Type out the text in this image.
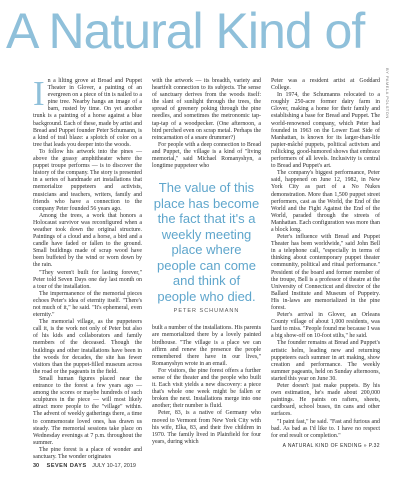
A Natural Kind of
BY PAMELA POLSTON
I n a lilting grove at Broad and Puppet Theater in Glover, a painting of an evergreen on a piece of tin is nailed to a pine tree. Nearby hangs an image of a barn, rusted by time. On yet another trunk is a painting of a horse against a blue background. Each of these, made by artist and Bread and Puppet founder Peter Schumann, is a kind of trail blaze: a splotch of color on a tree that leads you deeper into the woods.

To follow his artwork into the pines — above the grassy amphitheater where the puppet troupe performs — is to discover the history of the company. The story is presented in a series of handmade art installations that memorialize puppeteers and activists, musicians and teachers, writers, family and friends who have a connection to the company Peter founded 56 years ago.

Among the trees, a work that honors a Holocaust survivor was reconfigured when a weather took down the original structure. Paintings of a cloud and a horse, a bird and a candle have faded or fallen to the ground. Small buildings made of scrap wood have been buffeted by the wind or worn down by the rain.

"They weren't built for lasting forever," Peter told Seven Days one day last month on a tour of the installation.

The impermanence of the memorial pieces echoes Peter's idea of eternity itself. "There's not much of it," he said. "It's ephemeral, even eternity."

The memorial village, as the puppeteers call it, is the work not only of Peter but also of his kids and collaborators and family members of the deceased. Though the buildings and other installations have been in the woods for decades, the site has fewer visitors than the puppet-filled museum across the road or the pageants in the field.

Small human figures placed near the entrance to the forest a few years ago — among the scores or maybe hundreds of such sculptures in the piece — will most likely attract more people to the "village" within. The advent of weekly gatherings there, a time to commemorate loved ones, has drawn us steady. The memorial sessions take place on Wednesday evenings at 7 p.m. throughout the summer.

The pine forest is a place of wonder and sanctuary. The wonder originates

with the artwork — its breadth, variety and heartfelt connection to its subjects. The sense of sanctuary derives from the woods itself: the slant of sunlight through the trees, the spread of greenery poking through the pine needles, and sometimes the metronomic tap-tap-tap of a woodpecker. (One afternoon, a bird perched even on scrap metal. Perhaps the reincarnation of a snare drummer?)

For people with a deep connection to Bread and Puppet, the village is a kind of "living memorial," said Michael Romanyshyn, a longtime puppeteer who

The value of this place has become the fact that it's a weekly meeting place where people can come and think of people who died.
PETER SCHUMANN

built a number of the installations. His parents are memorialized there by a lovely painted birdhouse. "The village is a place we can affirm and renew the presence the people remembered there have in our lives," Romanyshyn wrote in an email.

For visitors, the pine forest offers a further sense of the theater and the people who built it. Each visit yields a new discovery: a piece that's whole one week might be fallen or broken the next. Installations merge into one another; their number is fluid.

Peter, 83, is a native of Germany who moved to Vermont from New York City with his wife, Elka, 83, and their five children in 1970. The family lived in Plainfield for four years, during which

Peter was a resident artist at Goddard College.

In 1974, the Schumanns relocated to a roughly 250-acre former dairy farm in Glover, making a home for their family and establishing a base for Bread and Puppet. The world-renowned company, which Peter had founded in 1963 on the Lower East Side of Manhattan, is known for its larger-than-life papier-mâché puppets, political activism and rollicking, good-humored shows that embrace performers of all levels. Inclusivity is central to Bread and Puppet's art.

The company's biggest performance, Peter said, happened on June 12, 1982, in New York City as part of a No Nukes demonstration. More than 1,500 puppet street performers, cast as the World, the End of the World and the Fight Against the End of the World, paraded through the streets of Manhattan. Each configuration was more than a block long.

Peter's influence with Bread and Puppet Theater has been worldwide," said John Bell in a telephone call, "especially in terms of thinking about contemporary puppet theater community, political and ritual performance." President of the board and former member of the troupe, Bell is a professor of theatre at the University of Connecticut and director of the Ballard Institute and Museum of Puppetry. His in-laws are memorialized in the pine forest.

Peter's arrival in Glover, an Orleans County village of about 1,000 residents, was hard to miss. "People found me because I was a big show-off on 10-foot stilts," he said.

The founder remains at Bread and Puppet's artistic helm, leading new and returning puppeteers each summer in art making, show creation and performance. The weekly summer pageants, held on Sunday afternoons, started this year on June 30.

Peter doesn't just make puppets. By his own estimation, he's made about 200,000 paintings. He paints on rafters, sheets, cardboard, school buses, tin cans and other surfaces.

"I paint fast," he said. "Fast and furious and bad. As bad as I'd like to. I have no respect for end result or completion."

A NATURAL KIND OF ENDING » P.32

30 SEVEN DAYS JULY 10-17, 2019
